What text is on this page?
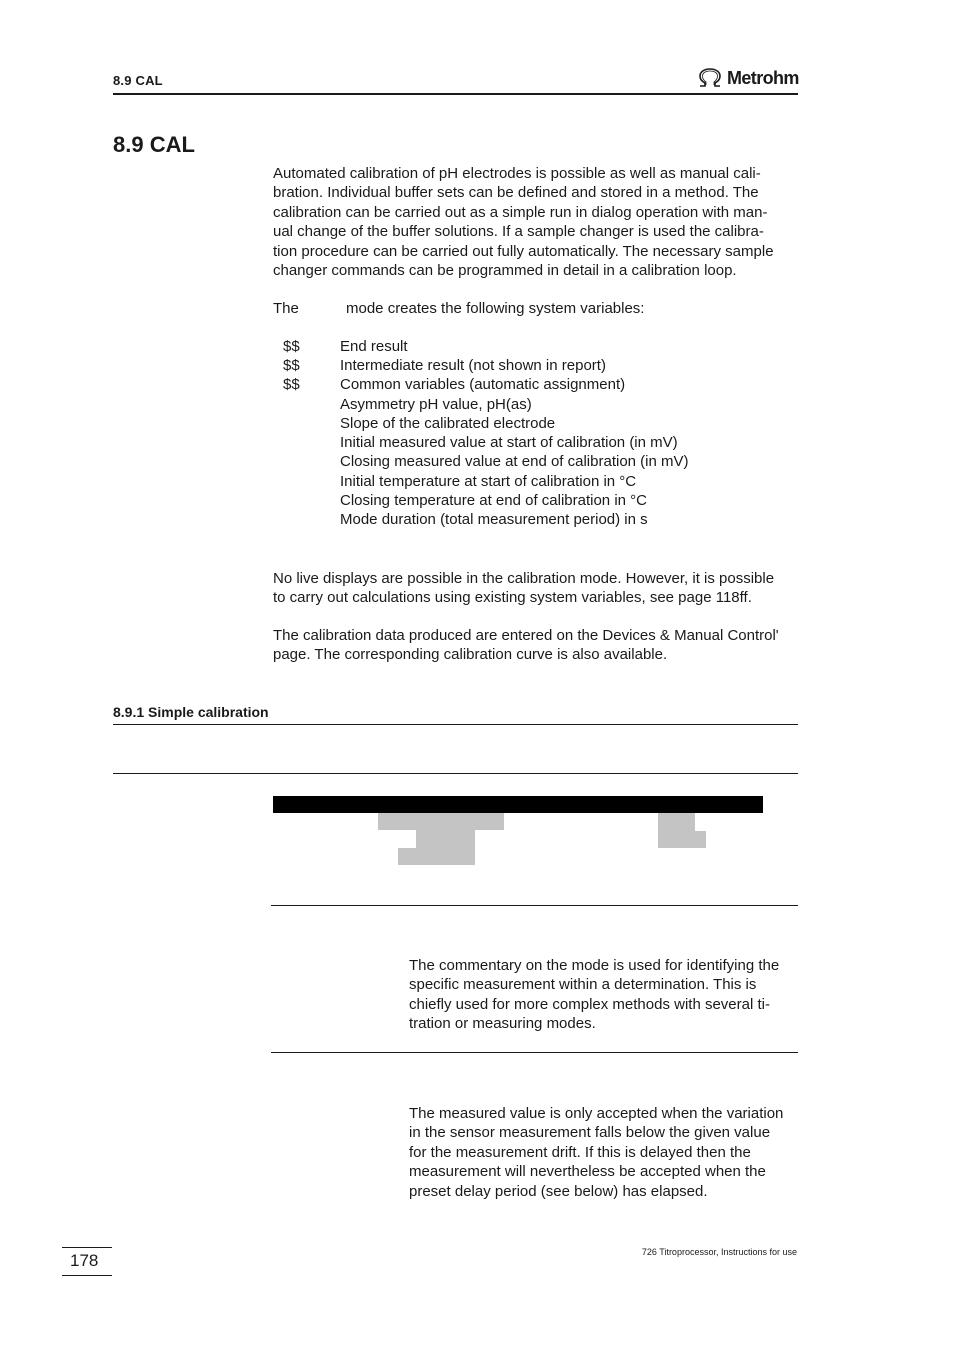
8.9 CAL	Metrohm
8.9 CAL
Automated calibration of pH electrodes is possible as well as manual cali-
bration. Individual buffer sets can be defined and stored in a method. The
calibration can be carried out as a simple run in dialog operation with man-
ual change of the buffer solutions. If a sample changer is used the calibra-
tion procedure can be carried out fully automatically. The necessary sample
changer commands can be programmed in detail in a calibration loop.
The	mode creates the following system variables:
$$	End result
$$	Intermediate result (not shown in report)
$$	Common variables (automatic assignment)
Asymmetry pH value, pH(as)
Slope of the calibrated electrode
Initial measured value at start of calibration (in mV)
Closing measured value at end of calibration (in mV)
Initial temperature at start of calibration in °C
Closing temperature at end of calibration in °C
Mode duration (total measurement period) in s
No live displays are possible in the calibration mode. However, it is possible
to carry out calculations using existing system variables, see page 118ff.
The calibration data produced are entered on the Devices & Manual Control'
page. The corresponding calibration curve is also available.
8.9.1 Simple calibration
The commentary on the mode is used for identifying the
specific measurement within a determination. This is
chiefly used for more complex methods with several ti-
tration or measuring modes.
The measured value is only accepted when the variation
in the sensor measurement falls below the given value
for the measurement drift. If this is delayed then the
measurement will nevertheless be accepted when the
preset delay period (see below) has elapsed.
178	726 Titroprocessor, Instructions for use
